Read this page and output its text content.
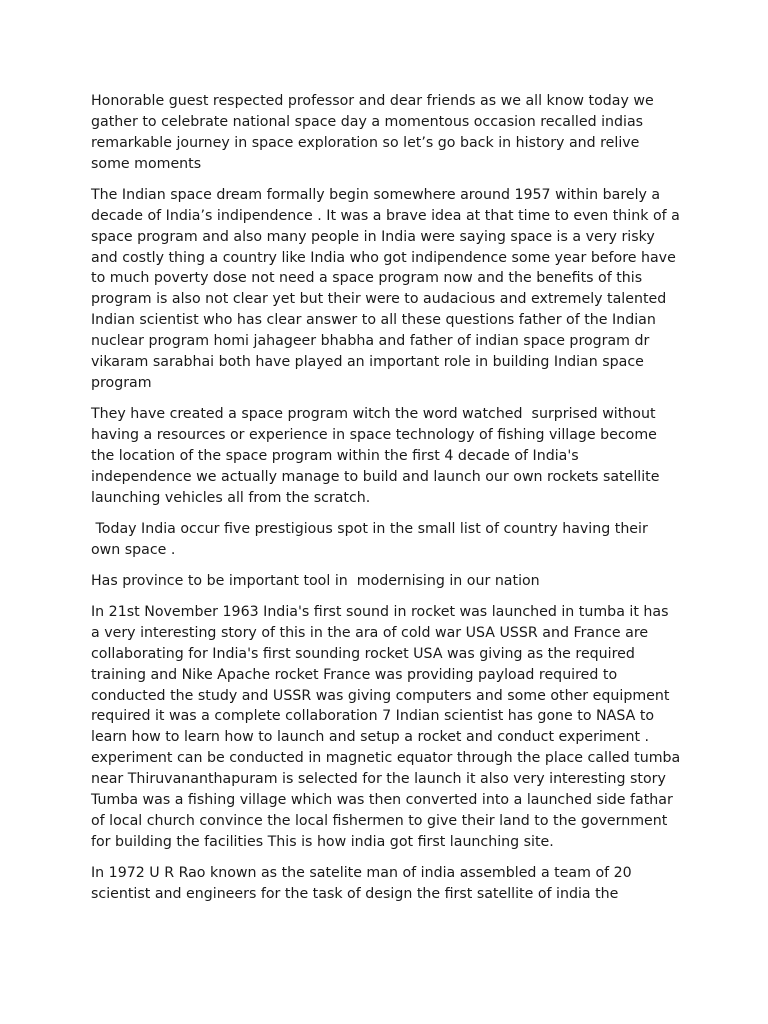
Honorable guest respected professor and dear friends as we all know today we gather to celebrate national space day a momentous occasion recalled indias remarkable journey in space exploration so let’s go back in history and relive some moments

The Indian space dream formally begin somewhere around 1957 within barely a decade of India’s indipendence . It was a brave idea at that time to even think of a space program and also many people in India were saying space is a very risky and costly thing a country like India who got indipendence some year before have to much poverty dose not need a space program now and the benefits of this program is also not clear yet but their were to audacious and extremely talented Indian scientist who has clear answer to all these questions father of the Indian nuclear program homi jahageer bhabha and father of indian space program dr vikaram sarabhai both have played an important role in building Indian space program

They have created a space program witch the word watched  surprised without having a resources or experience in space technology of fishing village become the location of the space program within the first 4 decade of India's independence we actually manage to build and launch our own rockets satellite launching vehicles all from the scratch.

Today India occur five prestigious spot in the small list of country having their own space .

Has province to be important tool in  modernising in our nation

In 21st November 1963 India's first sound in rocket was launched in tumba it has a very interesting story of this in the ara of cold war USA USSR and France are collaborating for India's first sounding rocket USA was giving as the required training and Nike Apache rocket France was providing payload required to conducted the study and USSR was giving computers and some other equipment required it was a complete collaboration 7 Indian scientist has gone to NASA to learn how to learn how to launch and setup a rocket and conduct experiment . experiment can be conducted in magnetic equator through the place called tumba near Thiruvananthapuram is selected for the launch it also very interesting story Tumba was a fishing village which was then converted into a launched side fathar of local church convince the local fishermen to give their land to the government for building the facilities This is how india got first launching site.

In 1972 U R Rao known as the satelite man of india assembled a team of 20 scientist and engineers for the task of design the first satellite of india the
